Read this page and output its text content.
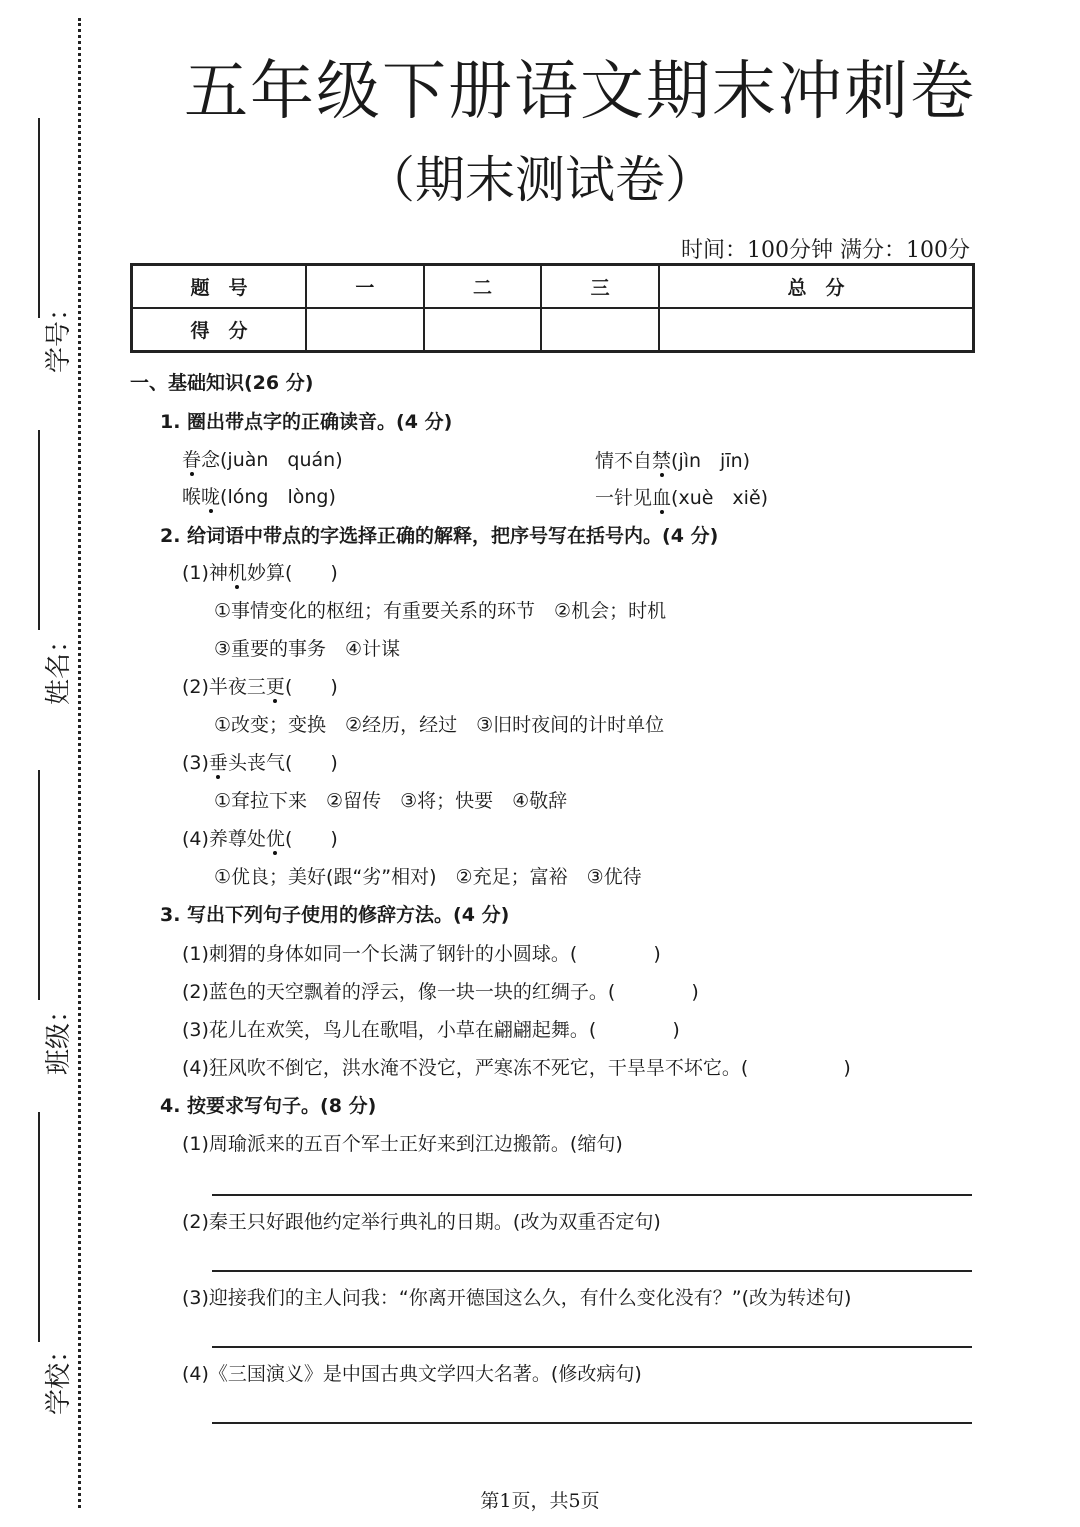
学号：
姓名：
班级：
学校：
五年级下册语文期末冲刺卷
（期末测试卷）
时间：100分钟 满分：100分
题　号	一	二	三	总　分
得　分				
一、基础知识(26 分)
1. 圈出带点字的正确读音。(4 分)
眷念(juàn　quán)	情不自禁(jìn　jīn)
喉咙(lóng　lòng)	一针见血(xuè　xiě)
2. 给词语中带点的字选择正确的解释，把序号写在括号内。(4 分)
(1)神机妙算(　　)
①事情变化的枢纽；有重要关系的环节　②机会；时机
③重要的事务　④计谋
(2)半夜三更(　　)
①改变；变换　②经历，经过　③旧时夜间的计时单位
(3)垂头丧气(　　)
①耷拉下来　②留传　③将；快要　④敬辞
(4)养尊处优(　　)
①优良；美好(跟“劣”相对)　②充足；富裕　③优待
3. 写出下列句子使用的修辞方法。(4 分)
(1)刺猬的身体如同一个长满了钢针的小圆球。(　　　　)
(2)蓝色的天空飘着的浮云，像一块一块的红绸子。(　　　　)
(3)花儿在欢笑，鸟儿在歌唱，小草在翩翩起舞。(　　　　)
(4)狂风吹不倒它，洪水淹不没它，严寒冻不死它，干旱旱不坏它。(　　　　　)
4. 按要求写句子。(8 分)
(1)周瑜派来的五百个军士正好来到江边搬箭。(缩句)
(2)秦王只好跟他约定举行典礼的日期。(改为双重否定句)
(3)迎接我们的主人问我：“你离开德国这么久，有什么变化没有？”(改为转述句)
(4)《三国演义》是中国古典文学四大名著。(修改病句)
第1页，共5页
